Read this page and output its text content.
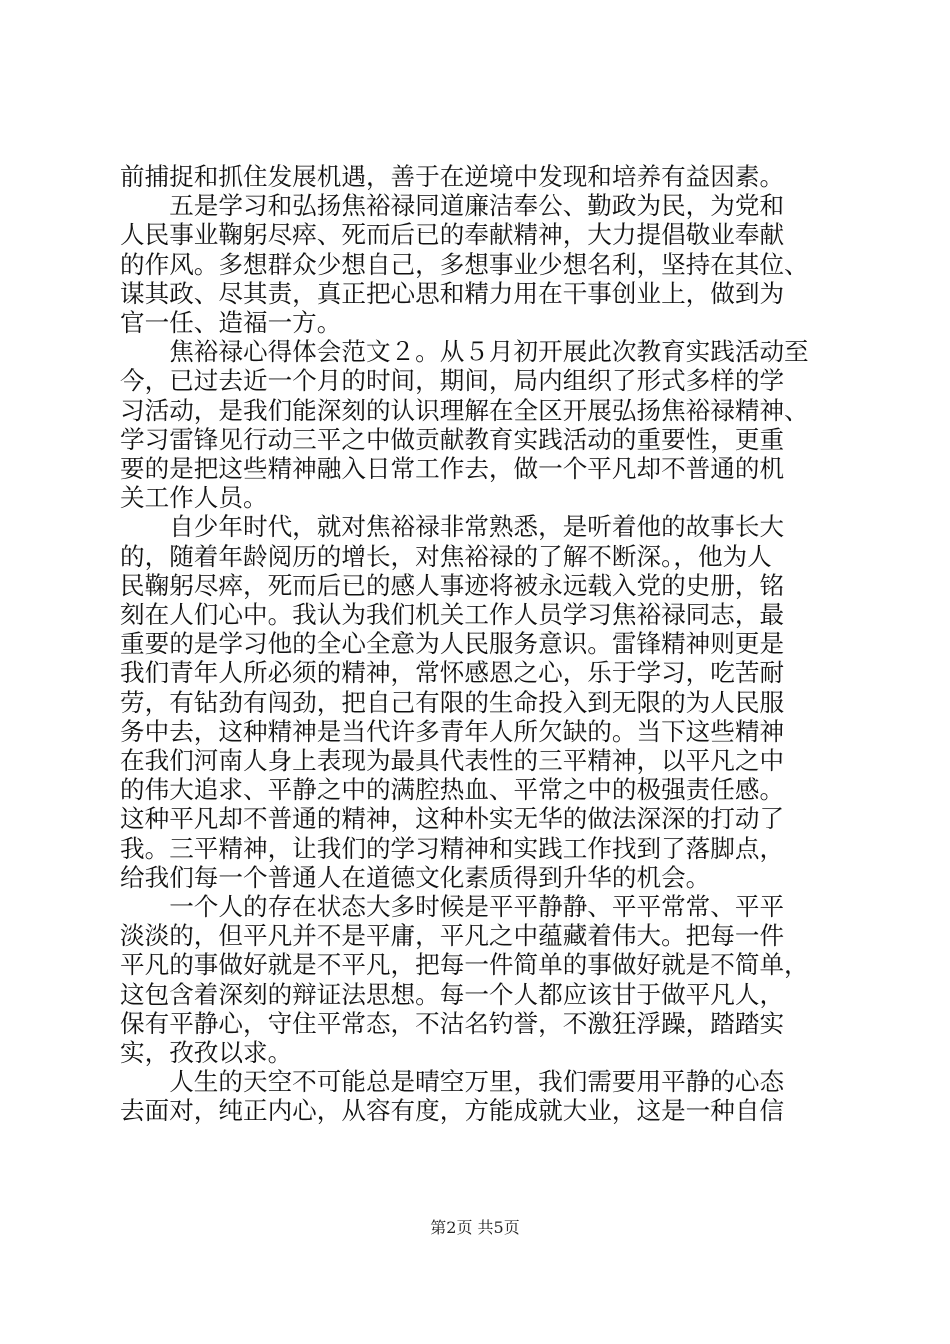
前捕捉和抓住发展机遇，善于在逆境中发现和培养有益因素。
　　五是学习和弘扬焦裕禄同道廉洁奉公、勤政为民，为党和
人民事业鞠躬尽瘁、死而后已的奉献精神，大力提倡敬业奉献
的作风。多想群众少想自己，多想事业少想名利，坚持在其位、
谋其政、尽其责，真正把心思和精力用在干事创业上，做到为
官一任、造福一方。
　　焦裕禄心得体会范文２。从５月初开展此次教育实践活动至
今，已过去近一个月的时间，期间，局内组织了形式多样的学
习活动，是我们能深刻的认识理解在全区开展弘扬焦裕禄精神、
学习雷锋见行动三平之中做贡献教育实践活动的重要性，更重
要的是把这些精神融入日常工作去，做一个平凡却不普通的机
关工作人员。
　　自少年时代，就对焦裕禄非常熟悉，是听着他的故事长大
的，随着年龄阅历的增长，对焦裕禄的了解不断深。，他为人
民鞠躬尽瘁，死而后已的感人事迹将被永远载入党的史册，铭
刻在人们心中。我认为我们机关工作人员学习焦裕禄同志，最
重要的是学习他的全心全意为人民服务意识。雷锋精神则更是
我们青年人所必须的精神，常怀感恩之心，乐于学习，吃苦耐
劳，有钻劲有闯劲，把自己有限的生命投入到无限的为人民服
务中去，这种精神是当代许多青年人所欠缺的。当下这些精神
在我们河南人身上表现为最具代表性的三平精神，以平凡之中
的伟大追求、平静之中的满腔热血、平常之中的极强责任感。
这种平凡却不普通的精神，这种朴实无华的做法深深的打动了
我。三平精神，让我们的学习精神和实践工作找到了落脚点，
给我们每一个普通人在道德文化素质得到升华的机会。
　　一个人的存在状态大多时候是平平静静、平平常常、平平
淡淡的，但平凡并不是平庸，平凡之中蕴藏着伟大。把每一件
平凡的事做好就是不平凡，把每一件简单的事做好就是不简单，
这包含着深刻的辩证法思想。每一个人都应该甘于做平凡人，
保有平静心，守住平常态，不沽名钓誉，不激狂浮躁，踏踏实
实，孜孜以求。
　　人生的天空不可能总是晴空万里，我们需要用平静的心态
去面对，纯正内心，从容有度，方能成就大业，这是一种自信
第2页 共5页
